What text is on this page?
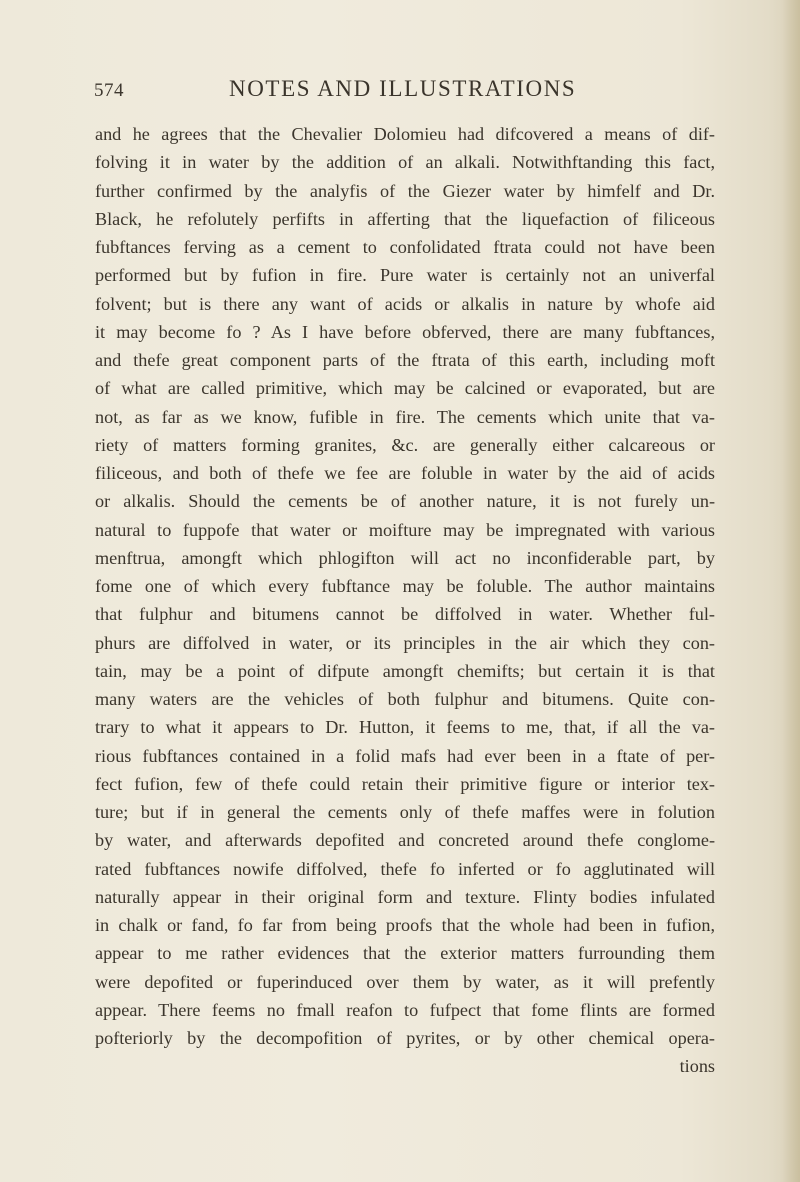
574	NOTES AND ILLUSTRATIONS
and he agrees that the Chevalier Dolomieu had difcovered a means of dif-
folving it in water by the addition of an alkali. Notwithftanding this fact,
further confirmed by the analyfis of the Giezer water by himfelf and Dr.
Black, he refolutely perfifts in afferting that the liquefaction of filiceous
fubftances ferving as a cement to confolidated ftrata could not have been
performed but by fufion in fire. Pure water is certainly not an univerfal
folvent; but is there any want of acids or alkalis in nature by whofe aid
it may become fo ? As I have before obferved, there are many fubftances,
and thefe great component parts of the ftrata of this earth, including moft
of what are called primitive, which may be calcined or evaporated, but are
not, as far as we know, fufible in fire. The cements which unite that va-
riety of matters forming granites, &c. are generally either calcareous or
filiceous, and both of thefe we fee are foluble in water by the aid of acids
or alkalis. Should the cements be of another nature, it is not furely un-
natural to fuppofe that water or moifture may be impregnated with various
menftrua, amongft which phlogifton will act no inconfiderable part, by
fome one of which every fubftance may be foluble. The author maintains
that fulphur and bitumens cannot be diffolved in water. Whether ful-
phurs are diffolved in water, or its principles in the air which they con-
tain, may be a point of difpute amongft chemifts; but certain it is that
many waters are the vehicles of both fulphur and bitumens. Quite con-
trary to what it appears to Dr. Hutton, it feems to me, that, if all the va-
rious fubftances contained in a folid mafs had ever been in a ftate of per-
fect fufion, few of thefe could retain their primitive figure or interior tex-
ture; but if in general the cements only of thefe maffes were in folution
by water, and afterwards depofited and concreted around thefe conglome-
rated fubftances nowife diffolved, thefe fo inferted or fo agglutinated will
naturally appear in their original form and texture. Flinty bodies infulated
in chalk or fand, fo far from being proofs that the whole had been in fufion,
appear to me rather evidences that the exterior matters furrounding them
were depofited or fuperinduced over them by water, as it will prefently
appear. There feems no fmall reafon to fufpect that fome flints are formed
pofteriorly by the decompofition of pyrites, or by other chemical opera-
tions
